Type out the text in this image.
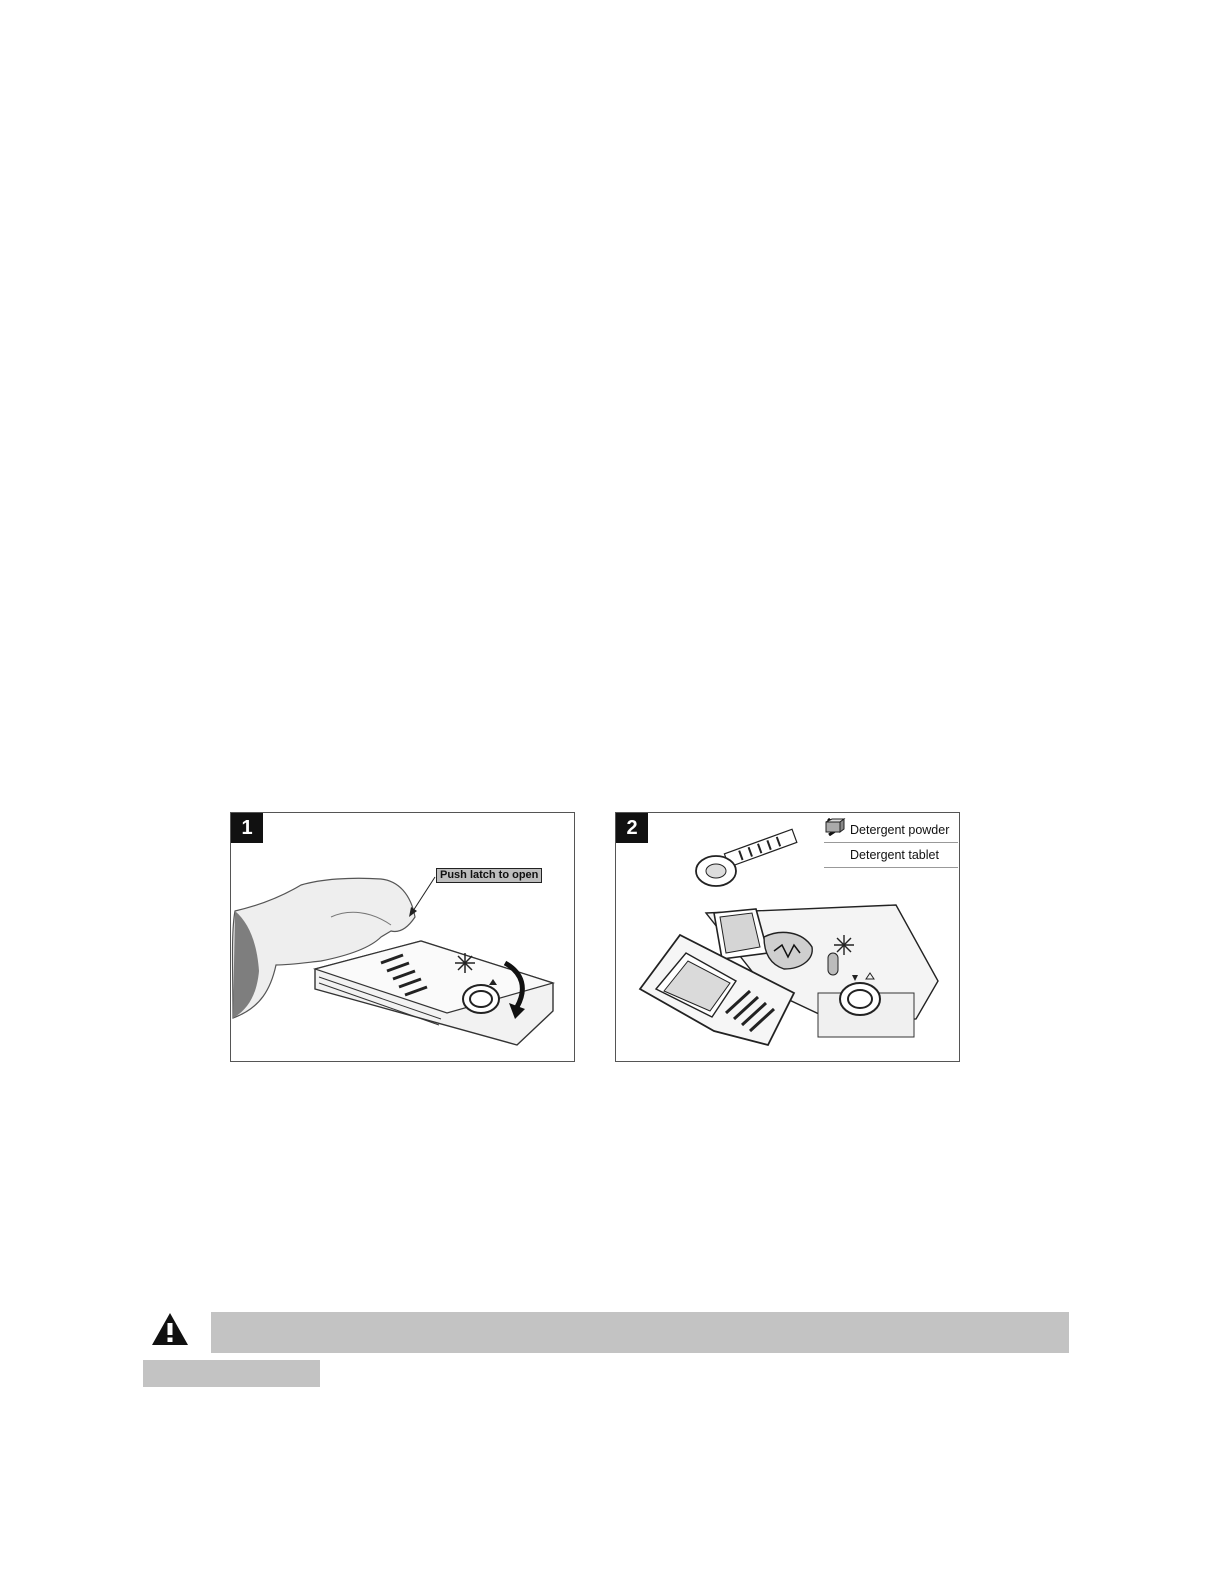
1
Push latch to open
2	Detergent powder
Detergent tablet
